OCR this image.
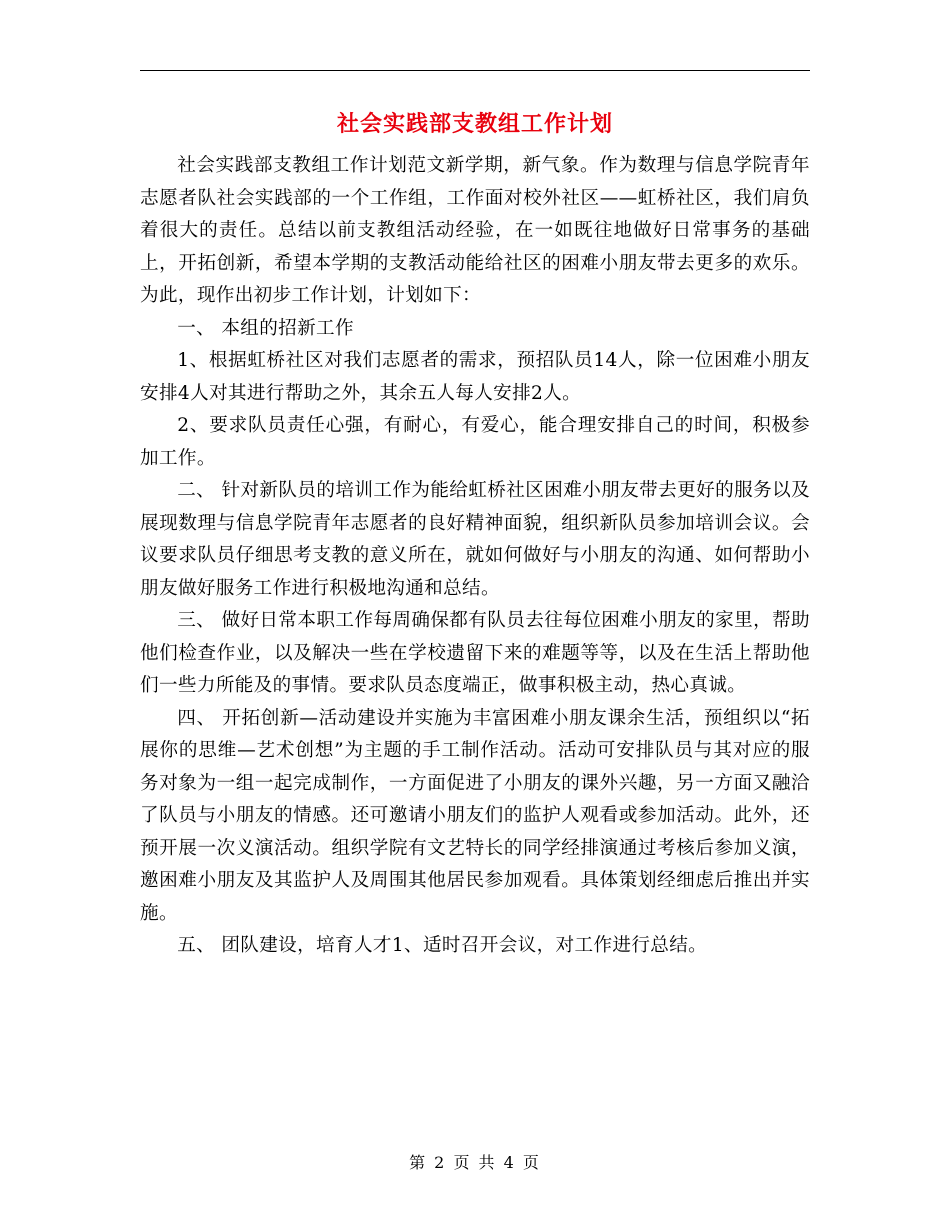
社会实践部支教组工作计划

社会实践部支教组工作计划范文新学期，新气象。作为数理与信息学院青年志愿者队社会实践部的一个工作组，工作面对校外社区——虹桥社区，我们肩负着很大的责任。总结以前支教组活动经验，在一如既往地做好日常事务的基础上，开拓创新，希望本学期的支教活动能给社区的困难小朋友带去更多的欢乐。为此，现作出初步工作计划，计划如下：

一、 本组的招新工作

1、根据虹桥社区对我们志愿者的需求，预招队员14人，除一位困难小朋友安排4人对其进行帮助之外，其余五人每人安排2人。

2、要求队员责任心强，有耐心，有爱心，能合理安排自己的时间，积极参加工作。

二、 针对新队员的培训工作为能给虹桥社区困难小朋友带去更好的服务以及展现数理与信息学院青年志愿者的良好精神面貌，组织新队员参加培训会议。会议要求队员仔细思考支教的意义所在，就如何做好与小朋友的沟通、如何帮助小朋友做好服务工作进行积极地沟通和总结。

三、 做好日常本职工作每周确保都有队员去往每位困难小朋友的家里，帮助他们检查作业，以及解决一些在学校遗留下来的难题等等，以及在生活上帮助他们一些力所能及的事情。要求队员态度端正，做事积极主动，热心真诚。

四、 开拓创新—活动建设并实施为丰富困难小朋友课余生活，预组织以“拓展你的思维—艺术创想”为主题的手工制作活动。活动可安排队员与其对应的服务对象为一组一起完成制作，一方面促进了小朋友的课外兴趣，另一方面又融洽了队员与小朋友的情感。还可邀请小朋友们的监护人观看或参加活动。此外，还预开展一次义演活动。组织学院有文艺特长的同学经排演通过考核后参加义演，邀困难小朋友及其监护人及周围其他居民参加观看。具体策划经细虑后推出并实施。

五、 团队建设，培育人才1、适时召开会议，对工作进行总结。

第 2 页 共 4 页
